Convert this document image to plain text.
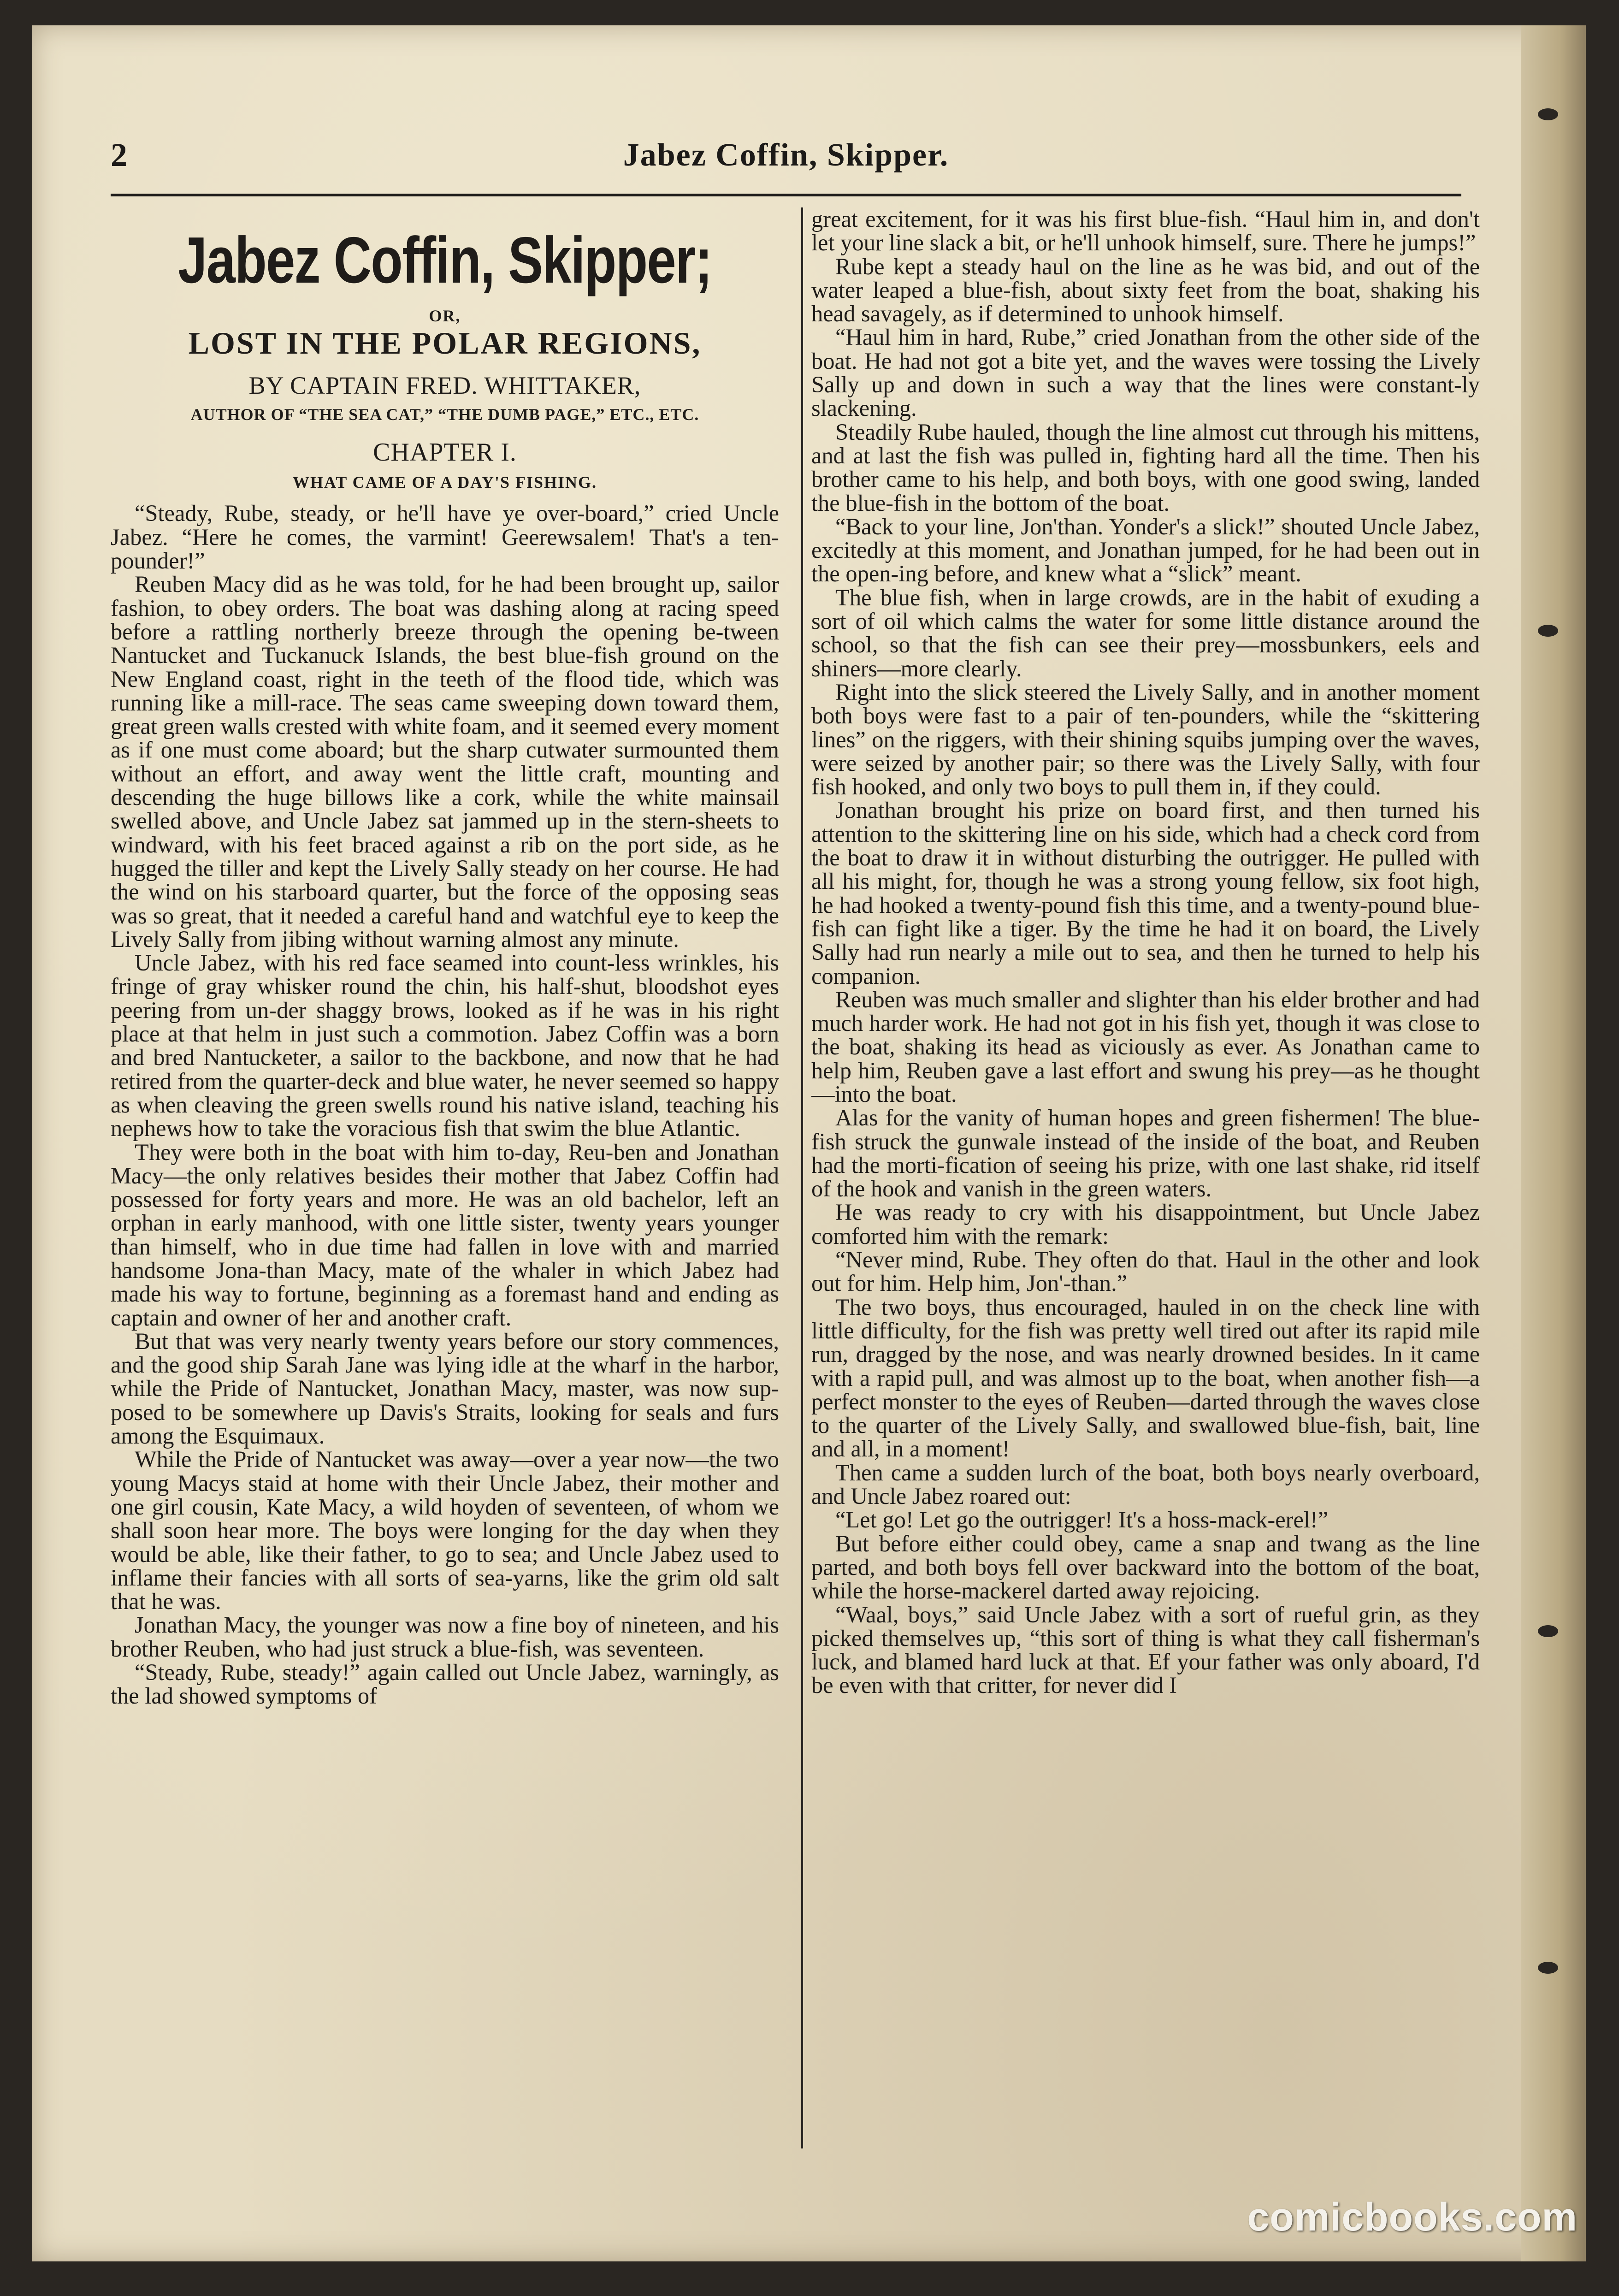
2	Jabez Coffin, Skipper.
Jabez Coffin, Skipper;
OR,
LOST IN THE POLAR REGIONS,
BY CAPTAIN FRED. WHITTAKER,
AUTHOR OF “THE SEA CAT,” “THE DUMB PAGE,” ETC., ETC.
CHAPTER I.
WHAT CAME OF A DAY'S FISHING.

“Steady, Rube, steady, or he'll have ye over-board,” cried Uncle Jabez. “Here he comes, the varmint! Geerewsalem! That's a ten-pounder!”

Reuben Macy did as he was told, for he had been brought up, sailor fashion, to obey orders. The boat was dashing along at racing speed before a rattling northerly breeze through the opening be-tween Nantucket and Tuckanuck Islands, the best blue-fish ground on the New England coast, right in the teeth of the flood tide, which was running like a mill-race. The seas came sweeping down toward them, great green walls crested with white foam, and it seemed every moment as if one must come aboard; but the sharp cutwater surmounted them without an effort, and away went the little craft, mounting and descending the huge billows like a cork, while the white mainsail swelled above, and Uncle Jabez sat jammed up in the stern-sheets to windward, with his feet braced against a rib on the port side, as he hugged the tiller and kept the Lively Sally steady on her course. He had the wind on his starboard quarter, but the force of the opposing seas was so great, that it needed a careful hand and watchful eye to keep the Lively Sally from jibing without warning almost any minute.

Uncle Jabez, with his red face seamed into count-less wrinkles, his fringe of gray whisker round the chin, his half-shut, bloodshot eyes peering from un-der shaggy brows, looked as if he was in his right place at that helm in just such a commotion. Jabez Coffin was a born and bred Nantucketer, a sailor to the backbone, and now that he had retired from the quarter-deck and blue water, he never seemed so happy as when cleaving the green swells round his native island, teaching his nephews how to take the voracious fish that swim the blue Atlantic.

They were both in the boat with him to-day, Reu-ben and Jonathan Macy—the only relatives besides their mother that Jabez Coffin had possessed for forty years and more. He was an old bachelor, left an orphan in early manhood, with one little sister, twenty years younger than himself, who in due time had fallen in love with and married handsome Jona-than Macy, mate of the whaler in which Jabez had made his way to fortune, beginning as a foremast hand and ending as captain and owner of her and another craft.

But that was very nearly twenty years before our story commences, and the good ship Sarah Jane was lying idle at the wharf in the harbor, while the Pride of Nantucket, Jonathan Macy, master, was now sup-posed to be somewhere up Davis's Straits, looking for seals and furs among the Esquimaux.

While the Pride of Nantucket was away—over a year now—the two young Macys staid at home with their Uncle Jabez, their mother and one girl cousin, Kate Macy, a wild hoyden of seventeen, of whom we shall soon hear more. The boys were longing for the day when they would be able, like their father, to go to sea; and Uncle Jabez used to inflame their fancies with all sorts of sea-yarns, like the grim old salt that he was.

Jonathan Macy, the younger was now a fine boy of nineteen, and his brother Reuben, who had just struck a blue-fish, was seventeen.

“Steady, Rube, steady!” again called out Uncle Jabez, warningly, as the lad showed symptoms of

great excitement, for it was his first blue-fish. “Haul him in, and don't let your line slack a bit, or he'll unhook himself, sure. There he jumps!”

Rube kept a steady haul on the line as he was bid, and out of the water leaped a blue-fish, about sixty feet from the boat, shaking his head savagely, as if determined to unhook himself.

“Haul him in hard, Rube,” cried Jonathan from the other side of the boat. He had not got a bite yet, and the waves were tossing the Lively Sally up and down in such a way that the lines were constant-ly slackening.

Steadily Rube hauled, though the line almost cut through his mittens, and at last the fish was pulled in, fighting hard all the time. Then his brother came to his help, and both boys, with one good swing, landed the blue-fish in the bottom of the boat.

“Back to your line, Jon'than. Yonder's a slick!” shouted Uncle Jabez, excitedly at this moment, and Jonathan jumped, for he had been out in the open-ing before, and knew what a “slick” meant.

The blue fish, when in large crowds, are in the habit of exuding a sort of oil which calms the water for some little distance around the school, so that the fish can see their prey—mossbunkers, eels and shiners—more clearly.

Right into the slick steered the Lively Sally, and in another moment both boys were fast to a pair of ten-pounders, while the “skittering lines” on the riggers, with their shining squibs jumping over the waves, were seized by another pair; so there was the Lively Sally, with four fish hooked, and only two boys to pull them in, if they could.

Jonathan brought his prize on board first, and then turned his attention to the skittering line on his side, which had a check cord from the boat to draw it in without disturbing the outrigger. He pulled with all his might, for, though he was a strong young fellow, six foot high, he had hooked a twenty-pound fish this time, and a twenty-pound blue-fish can fight like a tiger. By the time he had it on board, the Lively Sally had run nearly a mile out to sea, and then he turned to help his companion.

Reuben was much smaller and slighter than his elder brother and had much harder work. He had not got in his fish yet, though it was close to the boat, shaking its head as viciously as ever. As Jonathan came to help him, Reuben gave a last effort and swung his prey—as he thought—into the boat.

Alas for the vanity of human hopes and green fishermen! The blue-fish struck the gunwale instead of the inside of the boat, and Reuben had the morti-fication of seeing his prize, with one last shake, rid itself of the hook and vanish in the green waters.

He was ready to cry with his disappointment, but Uncle Jabez comforted him with the remark:

“Never mind, Rube. They often do that. Haul in the other and look out for him. Help him, Jon'-than.”

The two boys, thus encouraged, hauled in on the check line with little difficulty, for the fish was pretty well tired out after its rapid mile run, dragged by the nose, and was nearly drowned besides. In it came with a rapid pull, and was almost up to the boat, when another fish—a perfect monster to the eyes of Reuben—darted through the waves close to the quarter of the Lively Sally, and swallowed blue-fish, bait, line and all, in a moment!

Then came a sudden lurch of the boat, both boys nearly overboard, and Uncle Jabez roared out:

“Let go! Let go the outrigger! It's a hoss-mack-erel!”

But before either could obey, came a snap and twang as the line parted, and both boys fell over backward into the bottom of the boat, while the horse-mackerel darted away rejoicing.

“Waal, boys,” said Uncle Jabez with a sort of rueful grin, as they picked themselves up, “this sort of thing is what they call fisherman's luck, and blamed hard luck at that. Ef your father was only aboard, I'd be even with that critter, for never did I

comicbooks.com
